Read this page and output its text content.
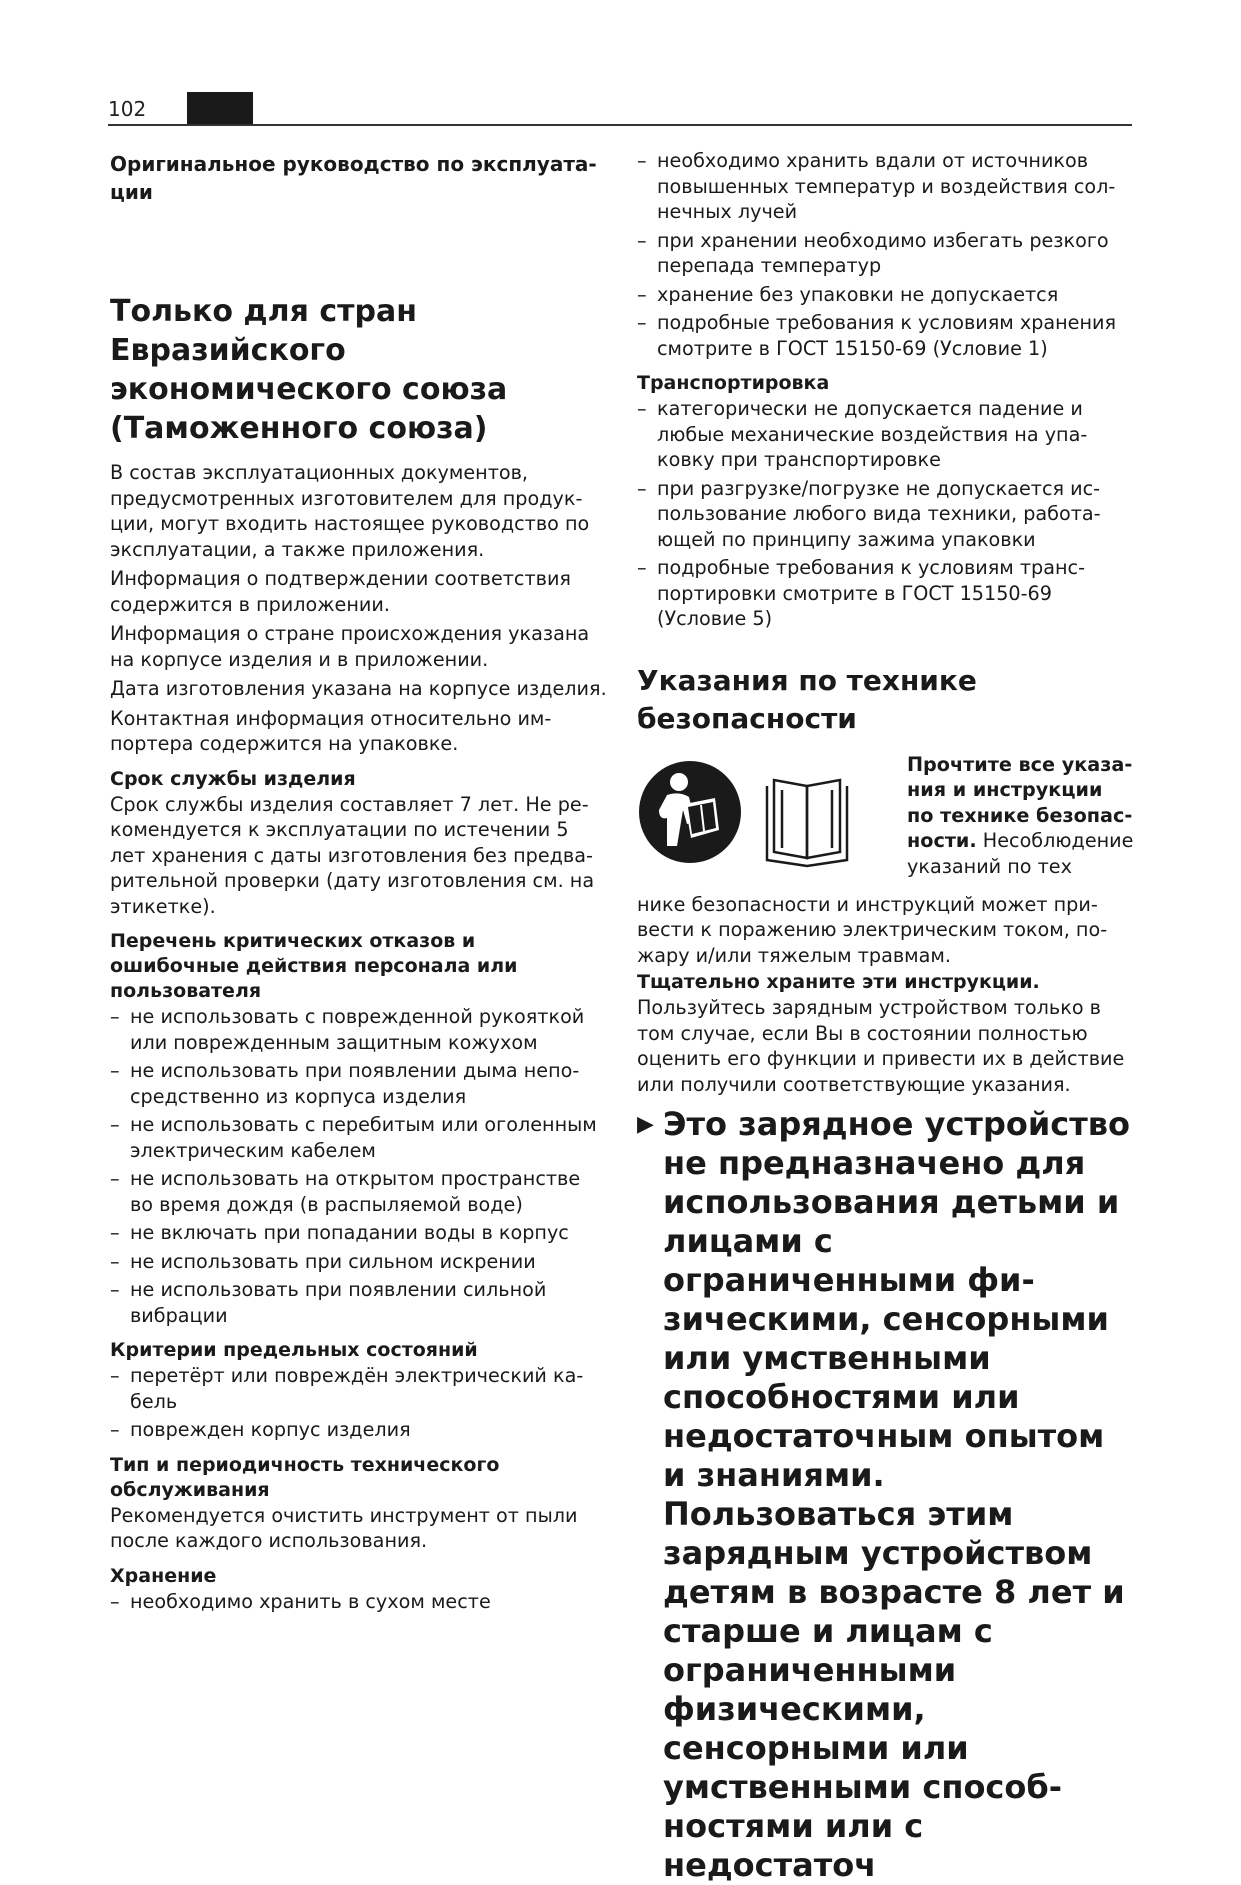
102
Оригинальное руководство по эксплуатации
Только для стран Евразийского экономического союза (Таможенного союза)
В состав эксплуатационных документов, предусмотренных изготовителем для продукции, могут входить настоящее руководство по эксплуатации, а также приложения.
Информация о подтверждении соответствия содержится в приложении.
Информация о стране происхождения указана на корпусе изделия и в приложении.
Дата изготовления указана на корпусе изделия.
Контактная информация относительно импортера содержится на упаковке.
Срок службы изделия
Срок службы изделия составляет 7 лет. Не рекомендуется к эксплуатации по истечении 5 лет хранения с даты изготовления без предварительной проверки (дату изготовления см. на этикетке).
Перечень критических отказов и ошибочные действия персонала или пользователя
– не использовать с поврежденной рукояткой или поврежденным защитным кожухом
– не использовать при появлении дыма непосредственно из корпуса изделия
– не использовать с перебитым или оголенным электрическим кабелем
– не использовать на открытом пространстве во время дождя (в распыляемой воде)
– не включать при попадании воды в корпус
– не использовать при сильном искрении
– не использовать при появлении сильной вибрации
Критерии предельных состояний
– перетёрт или повреждён электрический кабель
– поврежден корпус изделия
Тип и периодичность технического обслуживания
Рекомендуется очистить инструмент от пыли после каждого использования.
Хранение
– необходимо хранить в сухом месте
– необходимо хранить вдали от источников повышенных температур и воздействия солнечных лучей
– при хранении необходимо избегать резкого перепада температур
– хранение без упаковки не допускается
– подробные требования к условиям хранения смотрите в ГОСТ 15150-69 (Условие 1)
Транспортировка
– категорически не допускается падение и любые механические воздействия на упаковку при транспортировке
– при разгрузке/погрузке не допускается использование любого вида техники, работающей по принципу зажима упаковки
– подробные требования к условиям транспортировки смотрите в ГОСТ 15150-69 (Условие 5)
Указания по технике безопасности
Прочтите все указания и инструкции по технике безопасности. Несоблюдение указаний по тех
нике безопасности и инструкций может привести к поражению электрическим током, пожару и/или тяжелым травмам.
Тщательно храните эти инструкции.
Пользуйтесь зарядным устройством только в том случае, если Вы в состоянии полностью оценить его функции и привести их в действие или получили соответствующие указания.
▶ Это зарядное устройство не предназначено для использования детьми и лицами с ограниченными физическими, сенсорными или умственными способностями или недостаточным опытом и знаниями. Пользоваться этим зарядным устройством детям в возрасте 8 лет и старше и лицам с ограниченными физическими, сенсорными или умственными способностями или с недостаточ
